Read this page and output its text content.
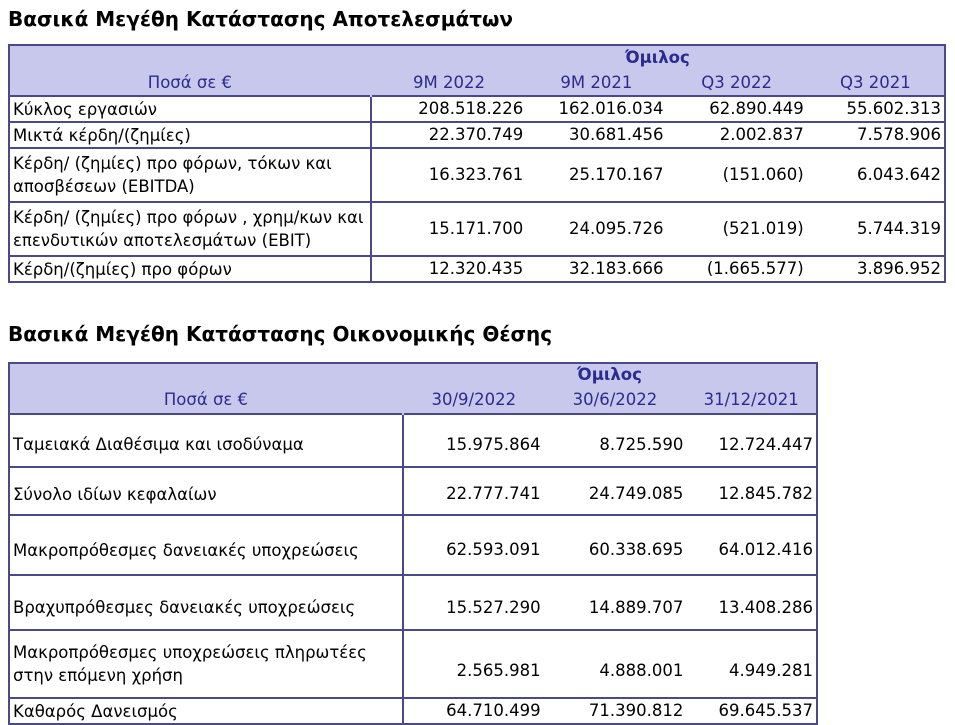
Βασικά Μεγέθη Κατάστασης Αποτελεσμάτων
	Όμιλος			
Ποσά σε €	9M 2022	9M 2021	Q3 2022	Q3 2021
Κύκλος εργασιών	208.518.226	162.016.034	62.890.449	55.602.313
Μικτά κέρδη/(ζημίες)	22.370.749	30.681.456	2.002.837	7.578.906
Κέρδη/ (ζημίες) προ φόρων, τόκων και αποσβέσεων (EBITDA)	16.323.761	25.170.167	(151.060)	6.043.642
Κέρδη/ (ζημίες) προ φόρων , χρημ/κων και επενδυτικών αποτελεσμάτων (EBIT)	15.171.700	24.095.726	(521.019)	5.744.319
Κέρδη/(ζημίες) προ φόρων	12.320.435	32.183.666	(1.665.577)	3.896.952
Βασικά Μεγέθη Κατάστασης Οικονομικής Θέσης
	Όμιλος		
Ποσά σε €	30/9/2022	30/6/2022	31/12/2021
Ταμειακά Διαθέσιμα και ισοδύναμα	15.975.864	8.725.590	12.724.447
Σύνολο ιδίων κεφαλαίων	22.777.741	24.749.085	12.845.782
Μακροπρόθεσμες δανειακές υποχρεώσεις	62.593.091	60.338.695	64.012.416
Βραχυπρόθεσμες δανειακές υποχρεώσεις	15.527.290	14.889.707	13.408.286
Μακροπρόθεσμες υποχρεώσεις πληρωτέες στην επόμενη χρήση	2.565.981	4.888.001	4.949.281
Καθαρός Δανεισμός	64.710.499	71.390.812	69.645.537
